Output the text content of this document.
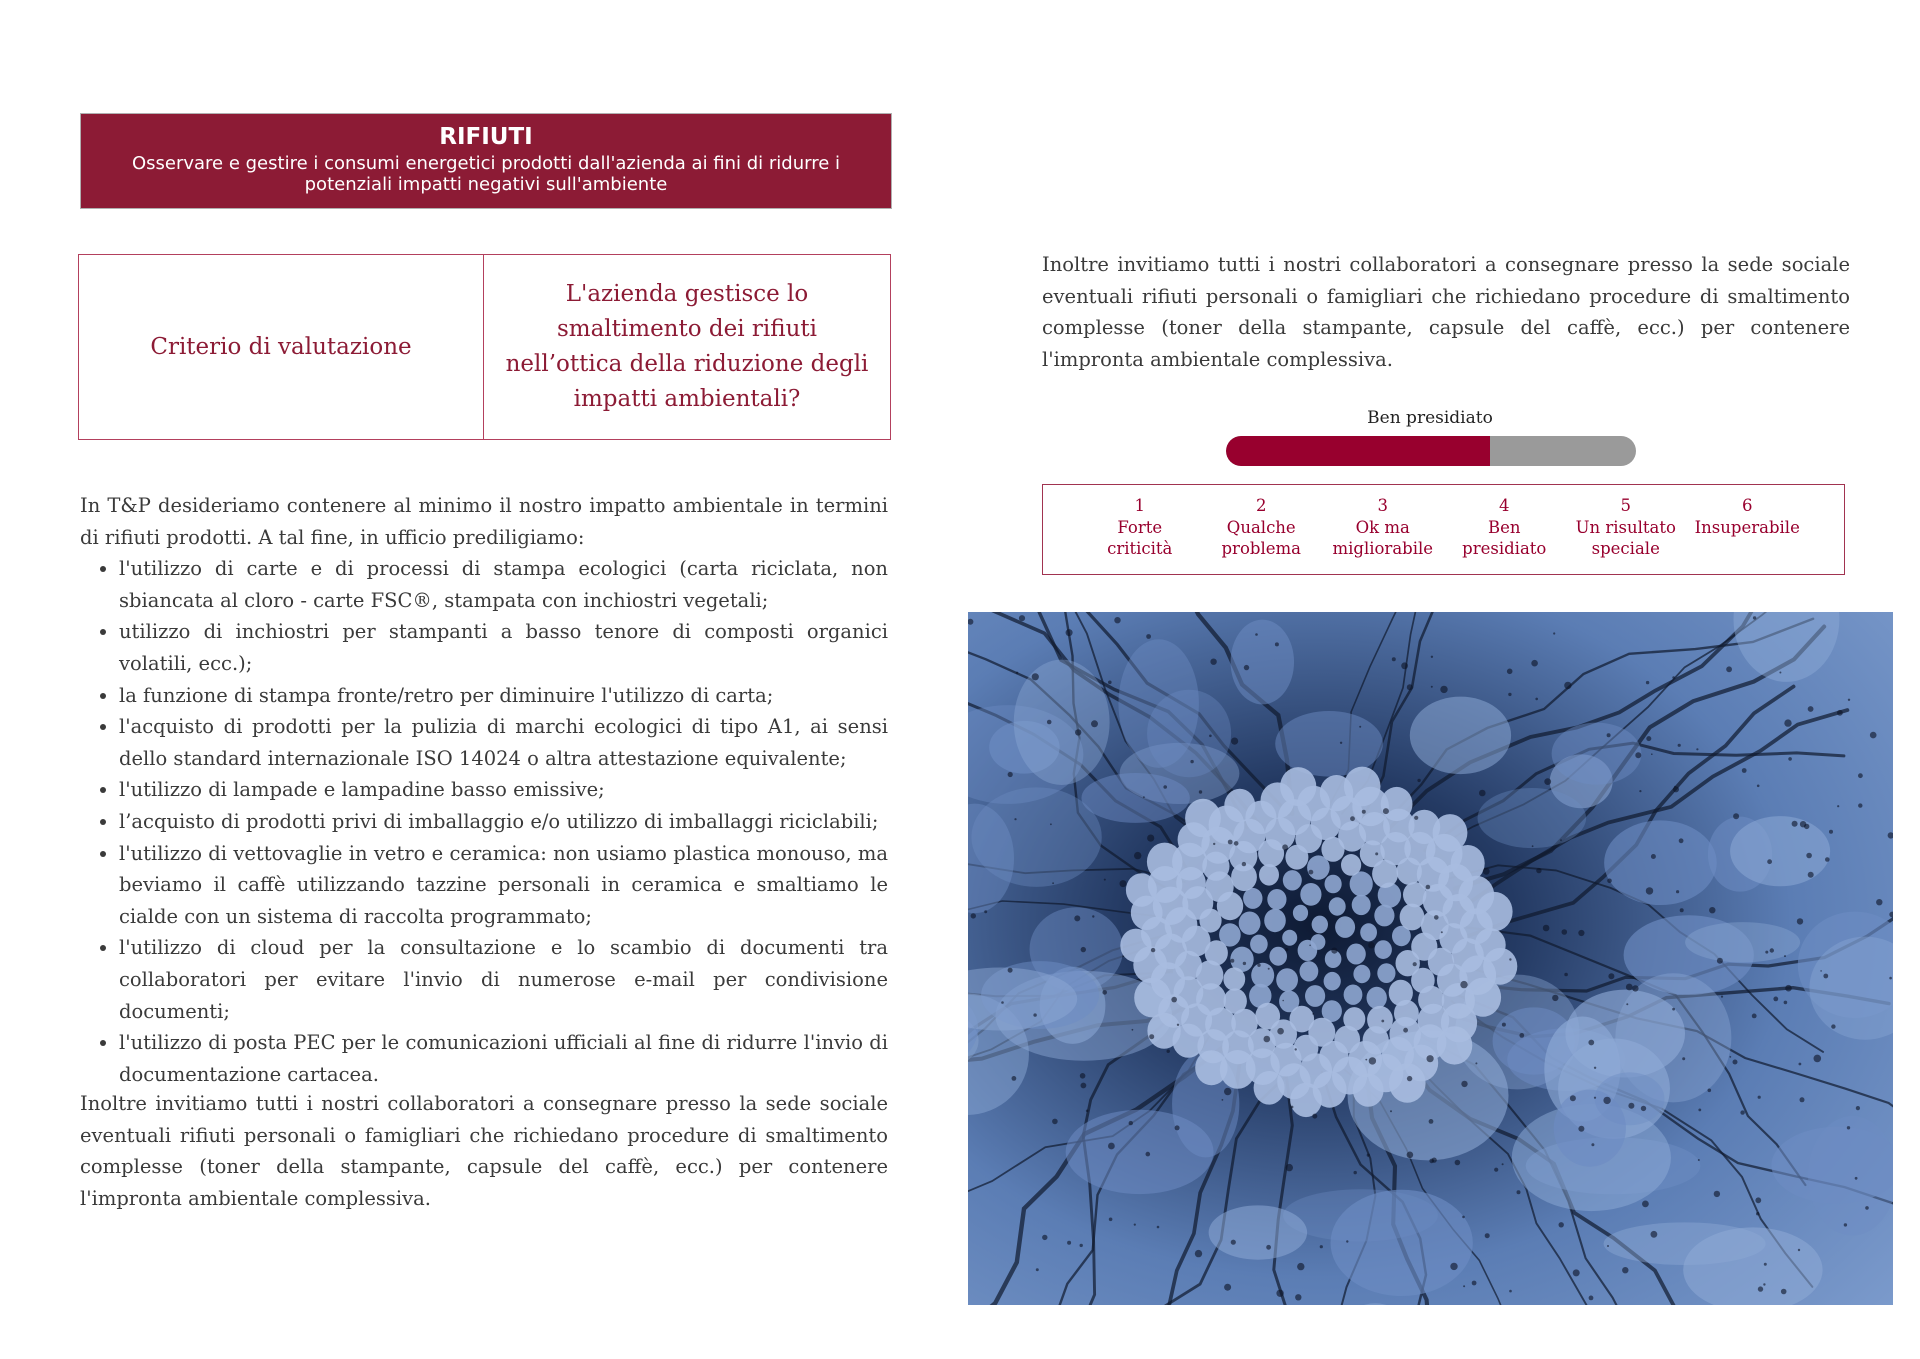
RIFIUTI
Osservare e gestire i consumi energetici prodotti dall'azienda ai fini di ridurre i potenziali impatti negativi sull'ambiente
Criterio di valutazione
L'azienda gestisce lo smaltimento dei rifiuti nell’ottica della riduzione degli impatti ambientali?

In T&P desideriamo contenere al minimo il nostro impatto ambientale in termini di rifiuti prodotti. A tal fine, in ufficio prediligiamo:

• l'utilizzo di carte e di processi di stampa ecologici (carta riciclata, non sbiancata al cloro - carte FSC®, stampata con inchiostri vegetali;
• utilizzo di inchiostri per stampanti a basso tenore di composti organici volatili, ecc.);
• la funzione di stampa fronte/retro per diminuire l'utilizzo di carta;
• l'acquisto di prodotti per la pulizia di marchi ecologici di tipo A1, ai sensi dello standard internazionale ISO 14024 o altra attestazione equivalente;
• l'utilizzo di lampade e lampadine basso emissive;
• l’acquisto di prodotti privi di imballaggio e/o utilizzo di imballaggi riciclabili;
• l'utilizzo di vettovaglie in vetro e ceramica: non usiamo plastica monouso, ma beviamo il caffè utilizzando tazzine personali in ceramica e smaltiamo le cialde con un sistema di raccolta programmato;
• l'utilizzo di cloud per la consultazione e lo scambio di documenti tra collaboratori per evitare l'invio di numerose e-mail per condivisione documenti;
• l'utilizzo di posta PEC per le comunicazioni ufficiali al fine di ridurre l'invio di documentazione cartacea.

Inoltre invitiamo tutti i nostri collaboratori a consegnare presso la sede sociale eventuali rifiuti personali o famigliari che richiedano procedure di smaltimento complesse (toner della stampante, capsule del caffè, ecc.) per contenere l'impronta ambientale complessiva.

Inoltre invitiamo tutti i nostri collaboratori a consegnare presso la sede sociale eventuali rifiuti personali o famigliari che richiedano procedure di smaltimento complesse (toner della stampante, capsule del caffè, ecc.) per contenere l'impronta ambientale complessiva.

Ben presidiato
1
Forte
criticità
2
Qualche
problema
3
Ok ma
migliorabile
4
Ben
presidiato
5
Un risultato
speciale
6
Insuperabile
